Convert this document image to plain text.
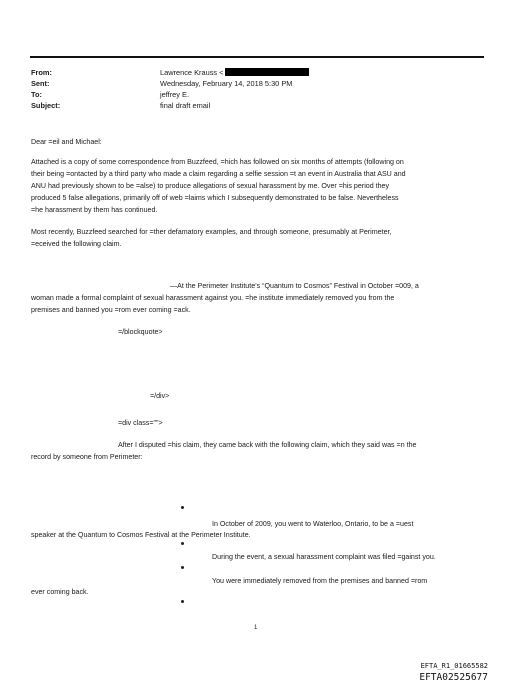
From:
Sent:
To:
Subject:
Lawrence Krauss <
Wednesday, February 14, 2018 5:30 PM
jeffrey E.
final draft email
Dear =eil and Michael:
Attached is a copy of some correspondence from Buzzfeed, =hich has followed on six months of attempts (following on
their being =ontacted by a third party who made a claim regarding a selfie session =t an event in Australia that ASU and
ANU had previously shown to be =alse) to produce allegations of sexual harassment by me. Over =his period they
produced 5 false allegations, primarily off of web =laims which I subsequently demonstrated to be false. Nevertheless
=he harassment by them has continued.
Most recently, Buzzfeed searched for =ther defamatory examples, and through someone, presumably at Perimeter,
=eceived the following claim.
—At the Perimeter Institute’s “Quantum to Cosmos” Festival in October =009, a
woman made a formal complaint of sexual harassment against you. =he institute immediately removed you from the
premises and banned you =rom ever coming =ack.
=/blockquote>
=/div>
=div class="">
After I disputed =his claim, they came back with the following claim, which they said was =n the
record by someone from Perimeter:
In October of 2009, you went to Waterloo, Ontario, to be a =uest
speaker at the Quantum to Cosmos Festival at the Perimeter Institute.
During the event, a sexual harassment complaint was filed =gainst you.
You were immediately removed from the premises and banned =rom
ever coming back.
1
EFTA_R1_01665582
EFTA02525677
